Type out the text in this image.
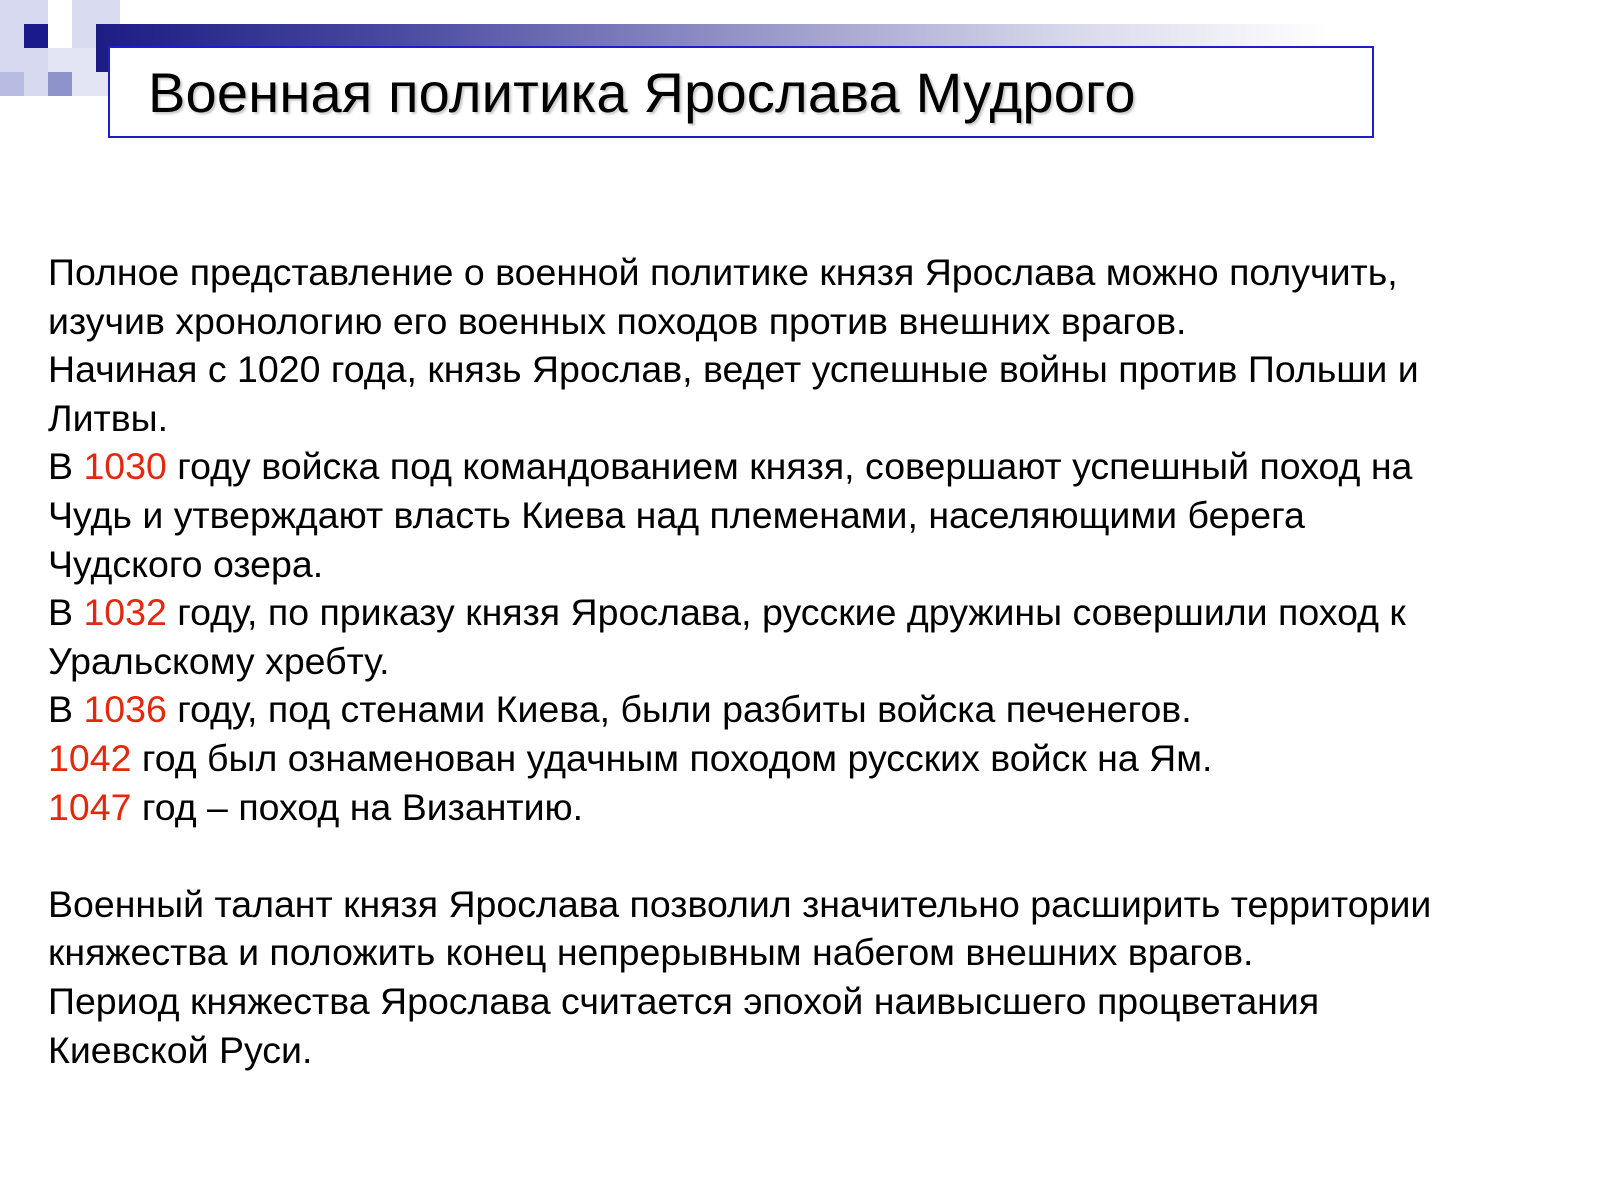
Военная политика Ярослава Мудрого
Полное представление о военной политике князя Ярослава можно получить,
изучив хронологию его военных походов против внешних врагов.
Начиная с 1020 года, князь Ярослав, ведет успешные войны против Польши и
Литвы.
В 1030 году войска под командованием князя, совершают успешный поход на
Чудь и утверждают власть Киева над племенами, населяющими берега
Чудского озера.
В 1032 году, по приказу князя Ярослава, русские дружины совершили поход к
Уральскому хребту.
В 1036 году, под стенами Киева, были разбиты войска печенегов.
1042 год был ознаменован удачным походом русских войск на Ям.
1047 год – поход на Византию.
Военный талант князя Ярослава позволил значительно расширить территории
княжества и положить конец непрерывным набегом внешних врагов.
Период княжества Ярослава считается эпохой наивысшего процветания
Киевской Руси.
